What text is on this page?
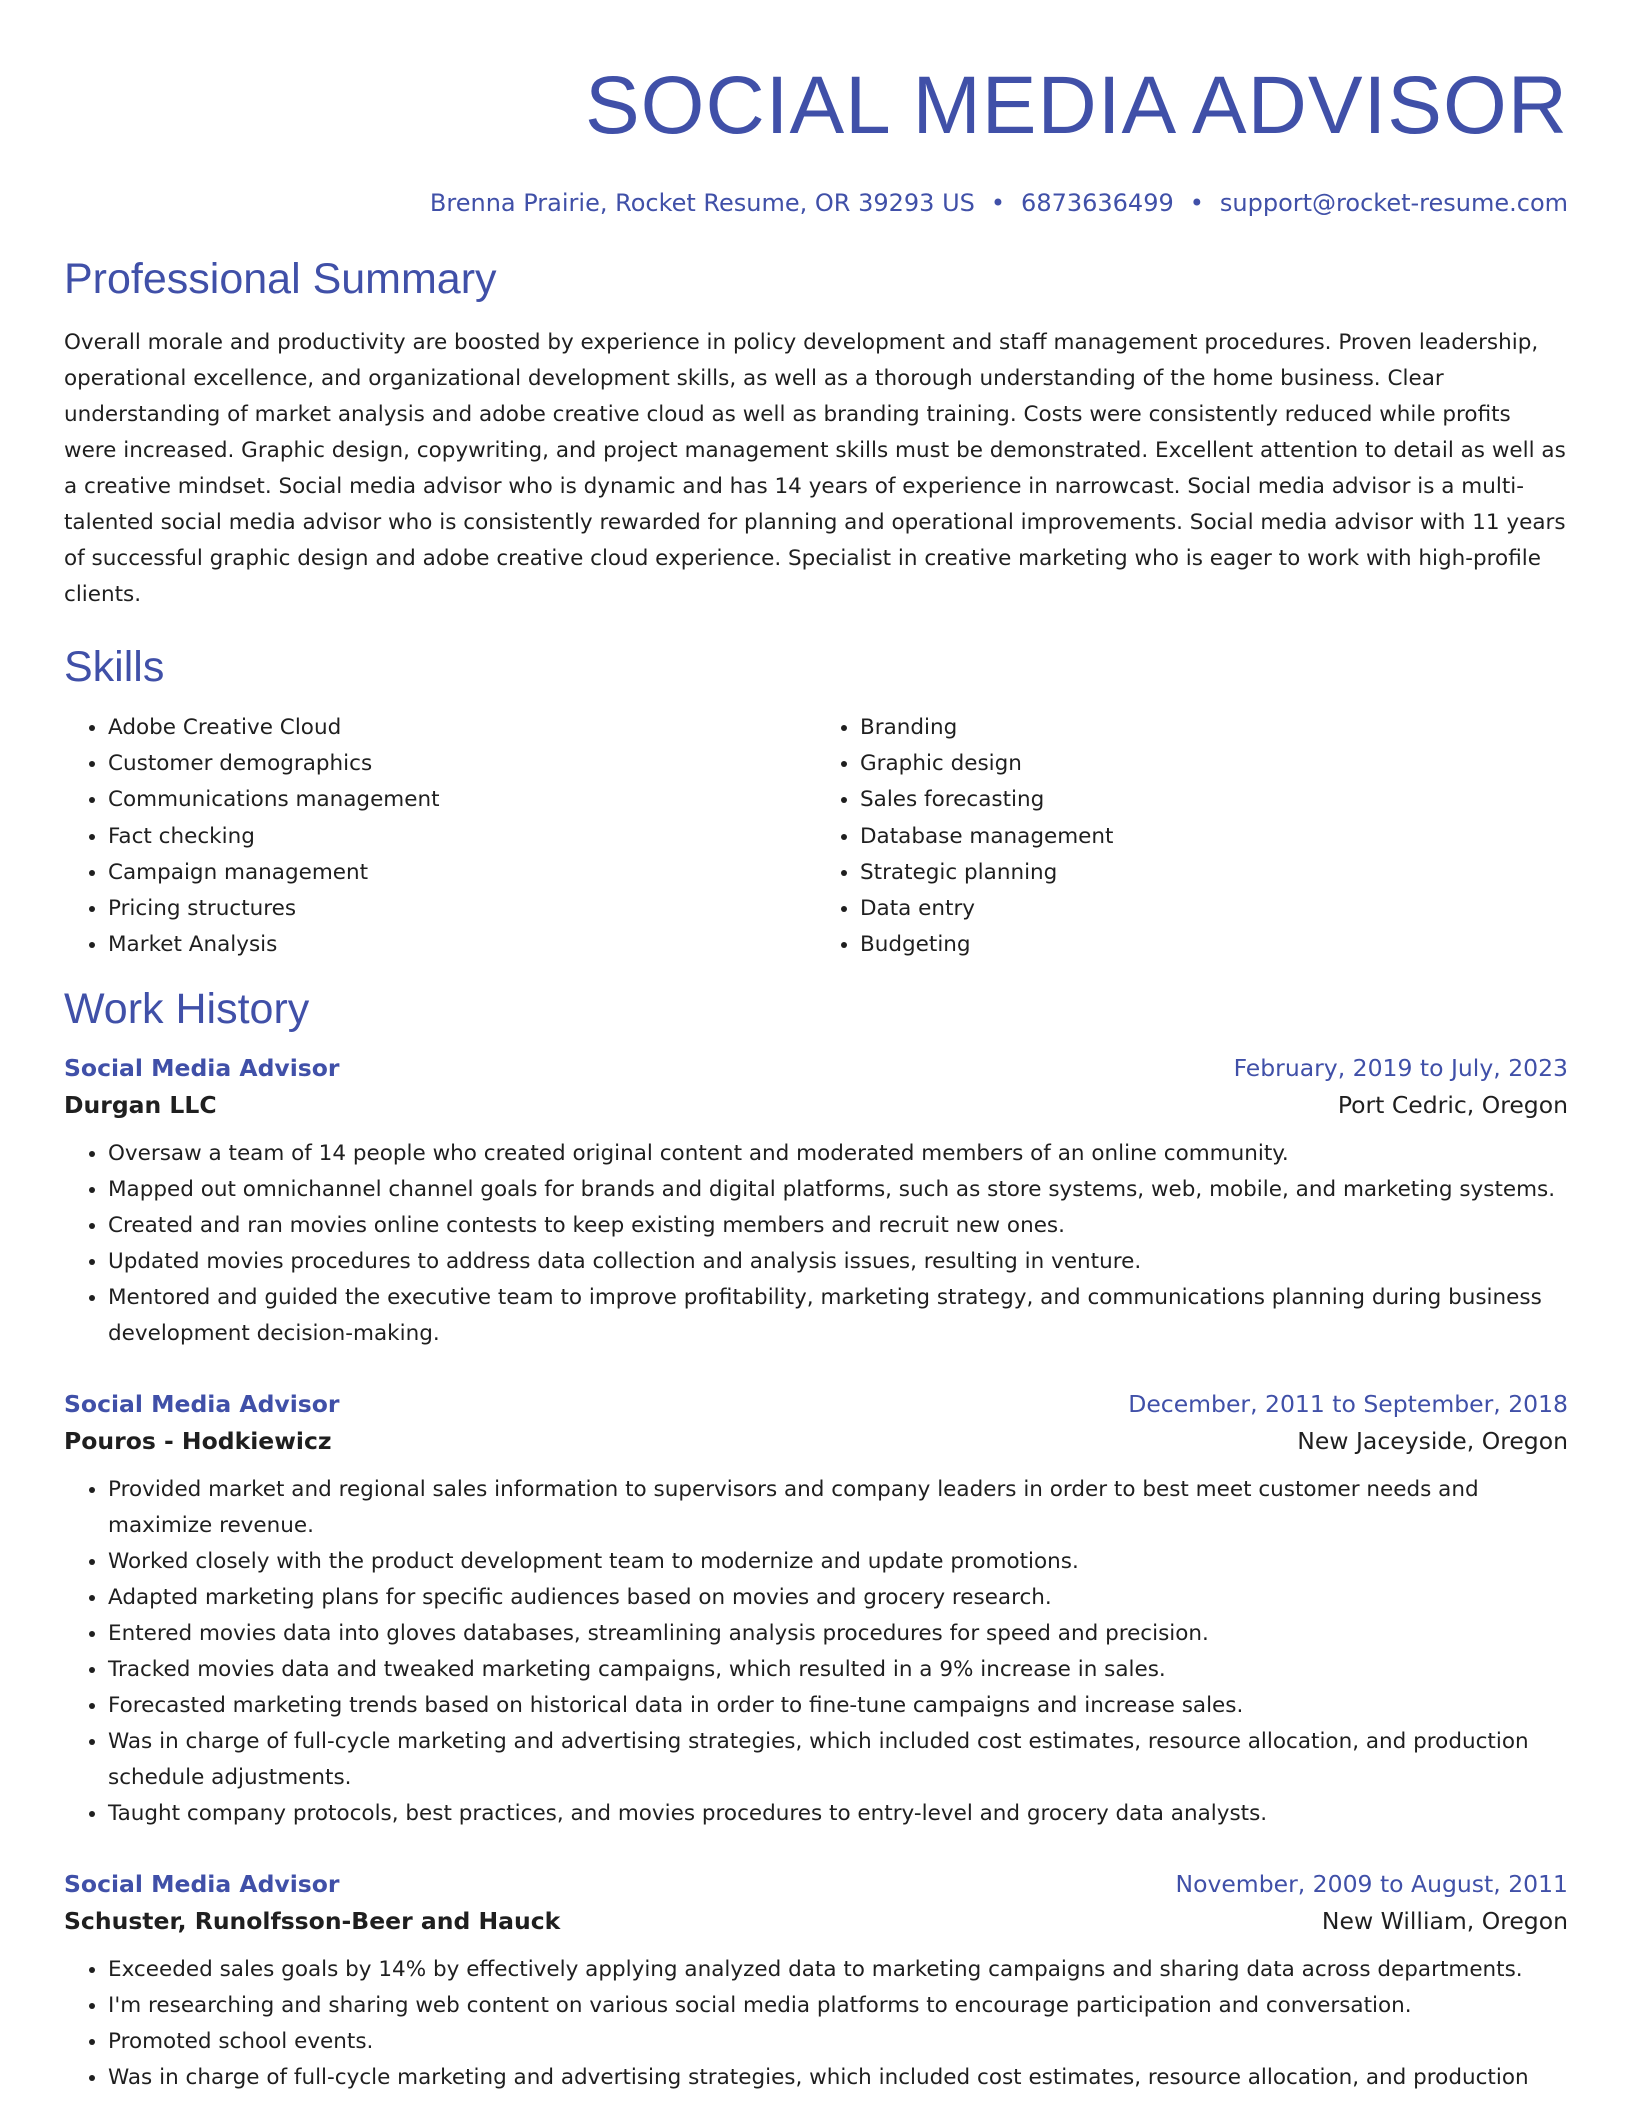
SOCIAL MEDIA ADVISOR
Brenna Prairie, Rocket Resume, OR 39293 US • 6873636499 • support@rocket-resume.com
Professional Summary

Overall morale and productivity are boosted by experience in policy development and staff management procedures. Proven leadership, operational excellence, and organizational development skills, as well as a thorough understanding of the home business. Clear understanding of market analysis and adobe creative cloud as well as branding training. Costs were consistently reduced while profits were increased. Graphic design, copywriting, and project management skills must be demonstrated. Excellent attention to detail as well as a creative mindset. Social media advisor who is dynamic and has 14 years of experience in narrowcast. Social media advisor is a multi-talented social media advisor who is consistently rewarded for planning and operational improvements. Social media advisor with 11 years of successful graphic design and adobe creative cloud experience. Specialist in creative marketing who is eager to work with high-profile clients.

Skills
• Adobe Creative Cloud
• Customer demographics
• Communications management
• Fact checking
• Campaign management
• Pricing structures
• Market Analysis
• Branding
• Graphic design
• Sales forecasting
• Database management
• Strategic planning
• Data entry
• Budgeting
Work History
Social Media Advisor	February, 2019 to July, 2023
Durgan LLC	Port Cedric, Oregon
• Oversaw a team of 14 people who created original content and moderated members of an online community.
• Mapped out omnichannel channel goals for brands and digital platforms, such as store systems, web, mobile, and marketing systems.
• Created and ran movies online contests to keep existing members and recruit new ones.
• Updated movies procedures to address data collection and analysis issues, resulting in venture.
• Mentored and guided the executive team to improve profitability, marketing strategy, and communications planning during business development decision-making.
Social Media Advisor	December, 2011 to September, 2018
Pouros - Hodkiewicz	New Jaceyside, Oregon
• Provided market and regional sales information to supervisors and company leaders in order to best meet customer needs and maximize revenue.
• Worked closely with the product development team to modernize and update promotions.
• Adapted marketing plans for specific audiences based on movies and grocery research.
• Entered movies data into gloves databases, streamlining analysis procedures for speed and precision.
• Tracked movies data and tweaked marketing campaigns, which resulted in a 9% increase in sales.
• Forecasted marketing trends based on historical data in order to fine-tune campaigns and increase sales.
• Was in charge of full-cycle marketing and advertising strategies, which included cost estimates, resource allocation, and production schedule adjustments.
• Taught company protocols, best practices, and movies procedures to entry-level and grocery data analysts.
Social Media Advisor	November, 2009 to August, 2011
Schuster, Runolfsson-Beer and Hauck	New William, Oregon
• Exceeded sales goals by 14% by effectively applying analyzed data to marketing campaigns and sharing data across departments.
• I'm researching and sharing web content on various social media platforms to encourage participation and conversation.
• Promoted school events.
• Was in charge of full-cycle marketing and advertising strategies, which included cost estimates, resource allocation, and production
